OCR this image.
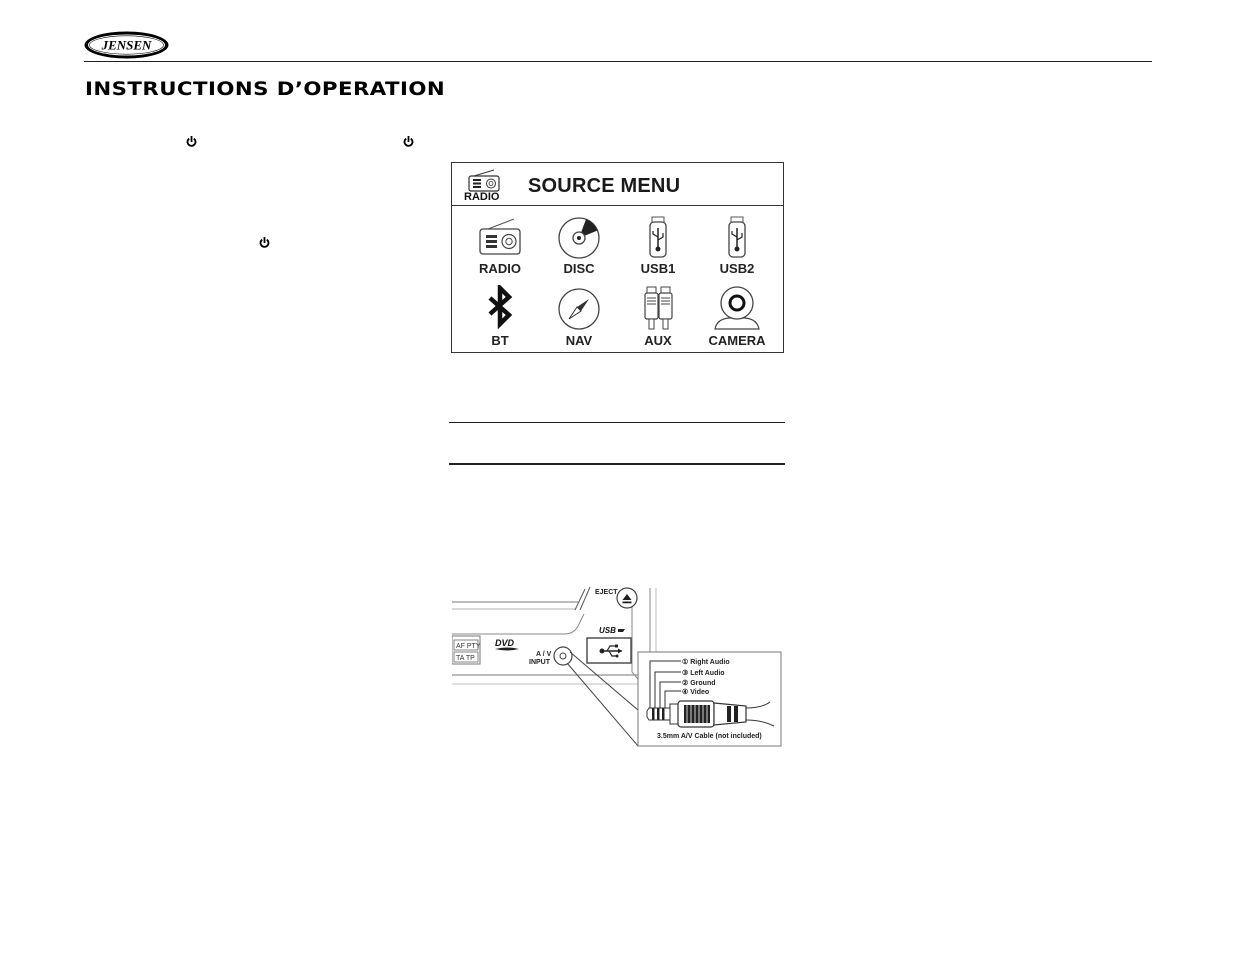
JENSEN
INSTRUCTIONS D’OPERATION
RADIO SOURCE MENU
RADIO	DISC	USB1	USB2
BT	NAV	AUX	CAMERA
EJECT
AF PTY
TA TP
DVD
A / V
INPUT
USB
① Right Audio
③ Left Audio
② Ground
④ Video
3.5mm A/V Cable (not included)
